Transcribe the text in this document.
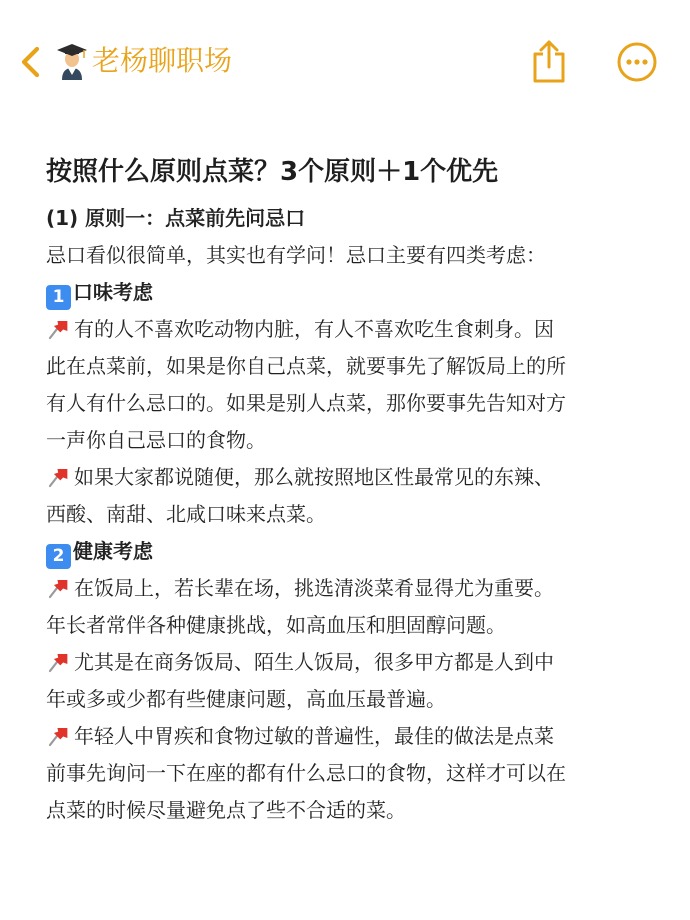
老杨聊职场
按照什么原则点菜？3个原则＋1个优先
(1) 原则一：点菜前先问忌口
忌口看似很简单，其实也有学问！忌口主要有四类考虑：
1 口味考虑
有的人不喜欢吃动物内脏，有人不喜欢吃生食刺身。因
此在点菜前，如果是你自己点菜，就要事先了解饭局上的所
有人有什么忌口的。如果是别人点菜，那你要事先告知对方
一声你自己忌口的食物。
如果大家都说随便，那么就按照地区性最常见的东辣、
西酸、南甜、北咸口味来点菜。
2 健康考虑
在饭局上，若长辈在场，挑选清淡菜肴显得尤为重要。
年长者常伴各种健康挑战，如高血压和胆固醇问题。
尤其是在商务饭局、陌生人饭局，很多甲方都是人到中
年或多或少都有些健康问题，高血压最普遍。
年轻人中胃疾和食物过敏的普遍性，最佳的做法是点菜
前事先询问一下在座的都有什么忌口的食物，这样才可以在
点菜的时候尽量避免点了些不合适的菜。
